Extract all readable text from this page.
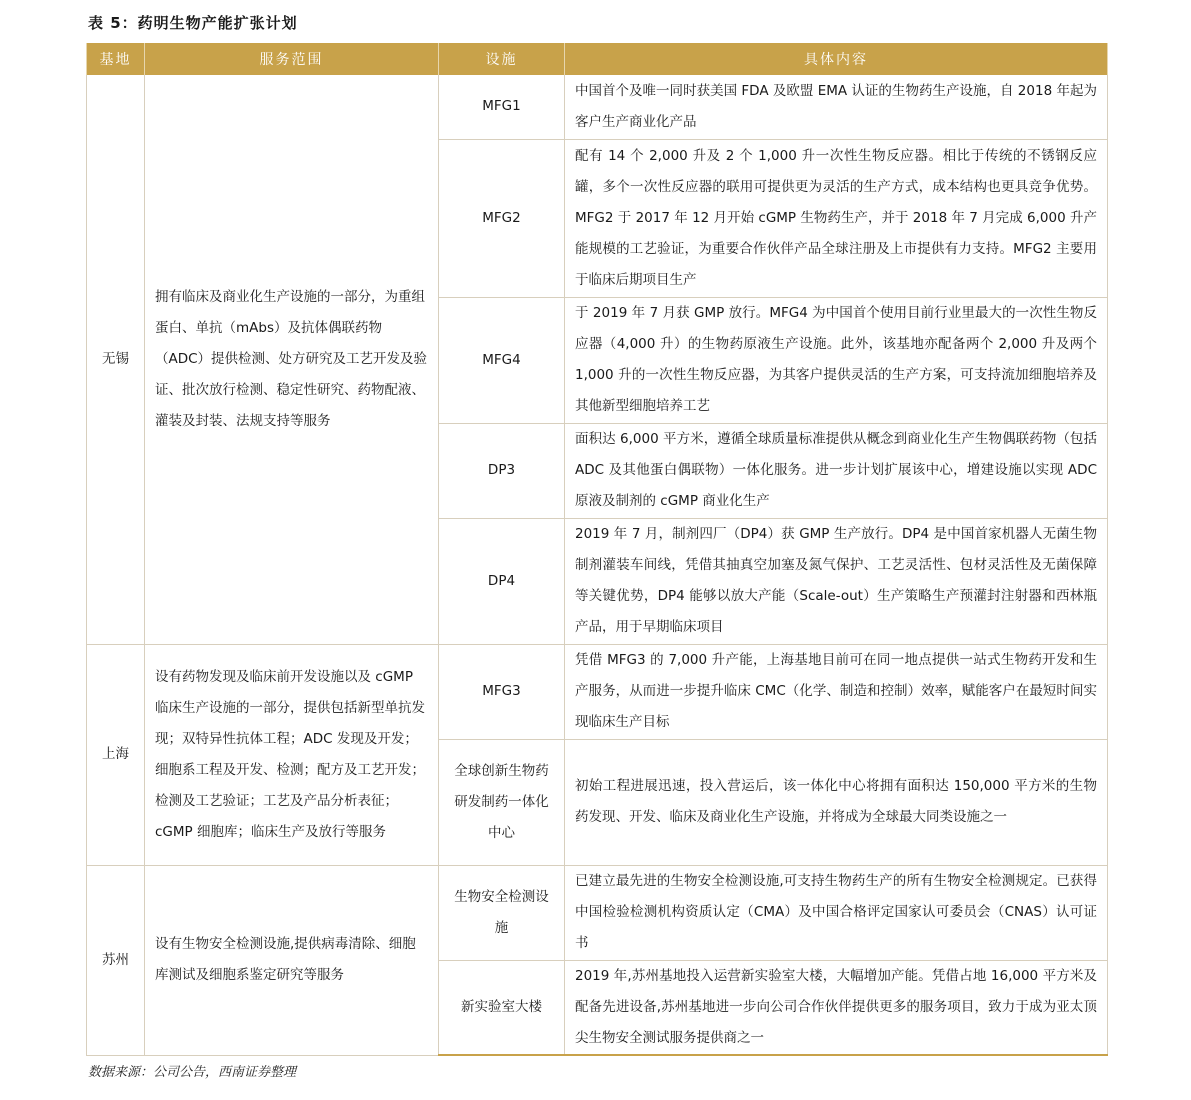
表 5：药明生物产能扩张计划
基地	服务范围	设施	具体内容
无锡	拥有临床及商业化生产设施的一部分，为重组蛋白、单抗（mAbs）及抗体偶联药物（ADC）提供检测、处方研究及工艺开发及验证、批次放行检测、稳定性研究、药物配液、灌装及封装、法规支持等服务	MFG1	中国首个及唯一同时获美国 FDA 及欧盟 EMA 认证的生物药生产设施，自 2018 年起为客户生产商业化产品
		MFG2	配有 14 个 2,000 升及 2 个 1,000 升一次性生物反应器。相比于传统的不锈钢反应罐，多个一次性反应器的联用可提供更为灵活的生产方式，成本结构也更具竞争优势。MFG2 于 2017 年 12 月开始 cGMP 生物药生产，并于 2018 年 7 月完成 6,000 升产能规模的工艺验证，为重要合作伙伴产品全球注册及上市提供有力支持。MFG2 主要用于临床后期项目生产
		MFG4	于 2019 年 7 月获 GMP 放行。MFG4 为中国首个使用目前行业里最大的一次性生物反应器（4,000 升）的生物药原液生产设施。此外，该基地亦配备两个 2,000 升及两个 1,000 升的一次性生物反应器，为其客户提供灵活的生产方案，可支持流加细胞培养及其他新型细胞培养工艺
		DP3	面积达 6,000 平方米，遵循全球质量标准提供从概念到商业化生产生物偶联药物（包括 ADC 及其他蛋白偶联物）一体化服务。进一步计划扩展该中心，增建设施以实现 ADC 原液及制剂的 cGMP 商业化生产
		DP4	2019 年 7 月，制剂四厂（DP4）获 GMP 生产放行。DP4 是中国首家机器人无菌生物制剂灌装车间线，凭借其抽真空加塞及氮气保护、工艺灵活性、包材灵活性及无菌保障等关键优势，DP4 能够以放大产能（Scale-out）生产策略生产预灌封注射器和西林瓶产品，用于早期临床项目
上海	设有药物发现及临床前开发设施以及 cGMP 临床生产设施的一部分，提供包括新型单抗发现；双特异性抗体工程；ADC 发现及开发；细胞系工程及开发、检测；配方及工艺开发；检测及工艺验证；工艺及产品分析表征；cGMP 细胞库；临床生产及放行等服务	MFG3	凭借 MFG3 的 7,000 升产能，上海基地目前可在同一地点提供一站式生物药开发和生产服务，从而进一步提升临床 CMC（化学、制造和控制）效率，赋能客户在最短时间实现临床生产目标
		全球创新生物药研发制药一体化中心	初始工程进展迅速，投入营运后，该一体化中心将拥有面积达 150,000 平方米的生物药发现、开发、临床及商业化生产设施，并将成为全球最大同类设施之一
苏州	设有生物安全检测设施,提供病毒清除、细胞库测试及细胞系鉴定研究等服务	生物安全检测设施	已建立最先进的生物安全检测设施,可支持生物药生产的所有生物安全检测规定。已获得中国检验检测机构资质认定（CMA）及中国合格评定国家认可委员会（CNAS）认可证书
		新实验室大楼	2019 年,苏州基地投入运营新实验室大楼，大幅增加产能。凭借占地 16,000 平方米及配备先进设备,苏州基地进一步向公司合作伙伴提供更多的服务项目，致力于成为亚太顶尖生物安全测试服务提供商之一
数据来源：公司公告，西南证券整理
